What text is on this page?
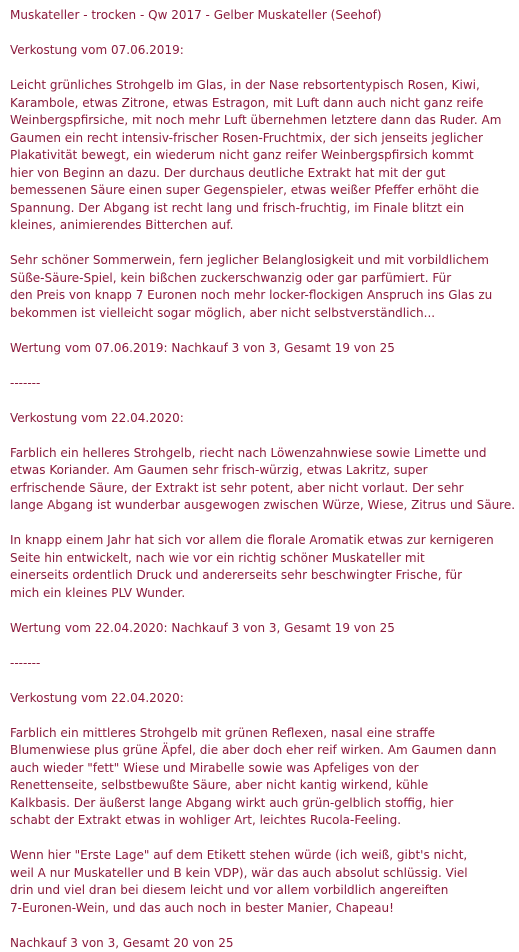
Muskateller - trocken - Qw 2017 - Gelber Muskateller (Seehof)
Verkostung vom 07.06.2019:
Leicht grünliches Strohgelb im Glas, in der Nase rebsortentypisch Rosen, Kiwi,
Karambole, etwas Zitrone, etwas Estragon, mit Luft dann auch nicht ganz reife
Weinbergspfirsiche, mit noch mehr Luft übernehmen letztere dann das Ruder. Am
Gaumen ein recht intensiv-frischer Rosen-Fruchtmix, der sich jenseits jeglicher
Plakativität bewegt, ein wiederum nicht ganz reifer Weinbergspfirsich kommt
hier von Beginn an dazu. Der durchaus deutliche Extrakt hat mit der gut
bemessenen Säure einen super Gegenspieler, etwas weißer Pfeffer erhöht die
Spannung. Der Abgang ist recht lang und frisch-fruchtig, im Finale blitzt ein
kleines, animierendes Bitterchen auf.
Sehr schöner Sommerwein, fern jeglicher Belanglosigkeit und mit vorbildlichem
Süße-Säure-Spiel, kein bißchen zuckerschwanzig oder gar parfümiert. Für
den Preis von knapp 7 Euronen noch mehr locker-flockigen Anspruch ins Glas zu
bekommen ist vielleicht sogar möglich, aber nicht selbstverständlich...
Wertung vom 07.06.2019: Nachkauf 3 von 3, Gesamt 19 von 25
-------
Verkostung vom 22.04.2020:
Farblich ein helleres Strohgelb, riecht nach Löwenzahnwiese sowie Limette und
etwas Koriander. Am Gaumen sehr frisch-würzig, etwas Lakritz, super
erfrischende Säure, der Extrakt ist sehr potent, aber nicht vorlaut. Der sehr
lange Abgang ist wunderbar ausgewogen zwischen Würze, Wiese, Zitrus und Säure.
In knapp einem Jahr hat sich vor allem die florale Aromatik etwas zur kernigeren
Seite hin entwickelt, nach wie vor ein richtig schöner Muskateller mit
einerseits ordentlich Druck und andererseits sehr beschwingter Frische, für
mich ein kleines PLV Wunder.
Wertung vom 22.04.2020: Nachkauf 3 von 3, Gesamt 19 von 25
-------
Verkostung vom 22.04.2020:
Farblich ein mittleres Strohgelb mit grünen Reflexen, nasal eine straffe
Blumenwiese plus grüne Äpfel, die aber doch eher reif wirken. Am Gaumen dann
auch wieder "fett" Wiese und Mirabelle sowie was Apfeliges von der
Renettenseite, selbstbewußte Säure, aber nicht kantig wirkend, kühle
Kalkbasis. Der äußerst lange Abgang wirkt auch grün-gelblich stoffig, hier
schabt der Extrakt etwas in wohliger Art, leichtes Rucola-Feeling.
Wenn hier "Erste Lage" auf dem Etikett stehen würde (ich weiß, gibt's nicht,
weil A nur Muskateller und B kein VDP), wär das auch absolut schlüssig. Viel
drin und viel dran bei diesem leicht und vor allem vorbildlich angereiften
7-Euronen-Wein, und das auch noch in bester Manier, Chapeau!
Nachkauf 3 von 3, Gesamt 20 von 25
